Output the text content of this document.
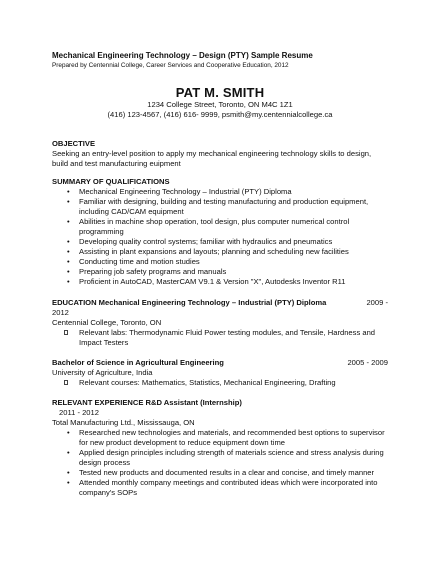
Mechanical Engineering Technology – Design (PTY) Sample Resume
Prepared by Centennial College, Career Services and Cooperative Education, 2012
PAT M. SMITH
1234 College Street, Toronto, ON M4C 1Z1
(416) 123-4567, (416) 616- 9999, psmith@my.centennialcollege.ca
OBJECTIVE
Seeking an entry-level position to apply my mechanical engineering technology skills to design, build and test manufacturing euipment
SUMMARY OF QUALIFICATIONS
• Mechanical Engineering Technology – Industrial (PTY) Diploma
• Familiar with designing, building and testing manufacturing and production equipment, including CAD/CAM equipment
• Abilities in machine shop operation, tool design, plus computer numerical control programming
• Developing quality control systems; familiar with hydraulics and pneumatics
• Assisting in plant expansions and layouts; planning and scheduling new facilities
• Conducting time and motion studies
• Preparing job safety programs and manuals
• Proficient in AutoCAD, MasterCAM V9.1 & Version "X", Autodesks Inventor R11
EDUCATION Mechanical Engineering Technology – Industrial (PTY) Diploma	2009 -
2012
Centennial College, Toronto, ON
Relevant labs: Thermodynamic Fluid Power testing modules, and Tensile, Hardness and Impact Testers
Bachelor of Science in Agricultural Engineering	2005 - 2009
University of Agriculture, India
Relevant courses: Mathematics, Statistics, Mechanical Engineering, Drafting
RELEVANT EXPERIENCE R&D Assistant (Internship)
2011 - 2012
Total Manufacturing Ltd., Mississauga, ON
• Researched new technologies and materials, and recommended best options to supervisor for new product development to reduce equipment down time
• Applied design principles including strength of materials science and stress analysis during design process
• Tested new products and documented results in a clear and concise, and timely manner
• Attended monthly company meetings and contributed ideas which were incorporated into company's SOPs
